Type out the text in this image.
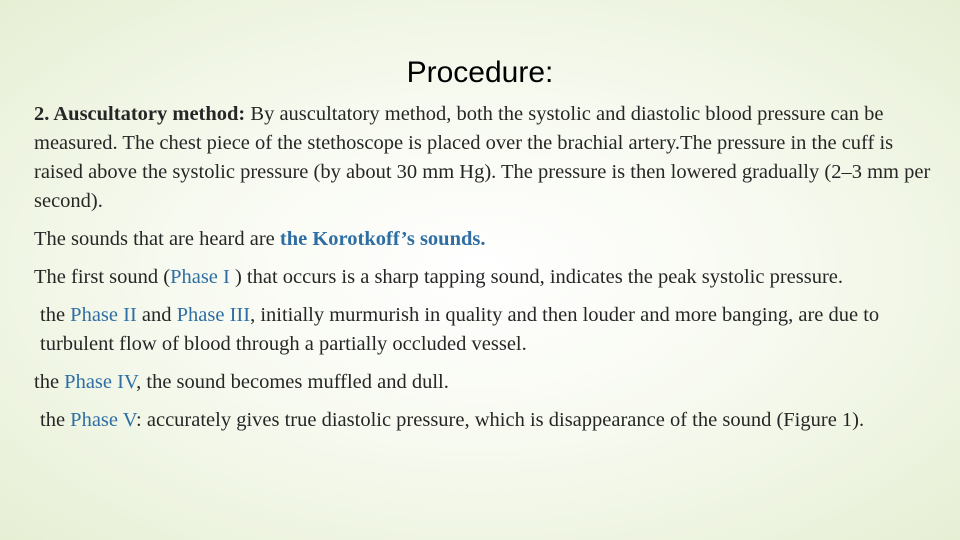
Procedure:

2. Auscultatory method: By auscultatory method, both the systolic and diastolic blood pressure can be measured. The chest piece of the stethoscope is placed over the brachial artery.The pressure in the cuff is raised above the systolic pressure (by about 30 mm Hg). The pressure is then lowered gradually (2–3 mm per second).

The sounds that are heard are the Korotkoff’s sounds.

The first sound (Phase I ) that occurs is a sharp tapping sound, indicates the peak systolic pressure.

the Phase II and Phase III, initially murmurish in quality and then louder and more banging, are due to turbulent flow of blood through a partially occluded vessel.

the Phase IV, the sound becomes muffled and dull.

the Phase V: accurately gives true diastolic pressure, which is disappearance of the sound (Figure 1).
